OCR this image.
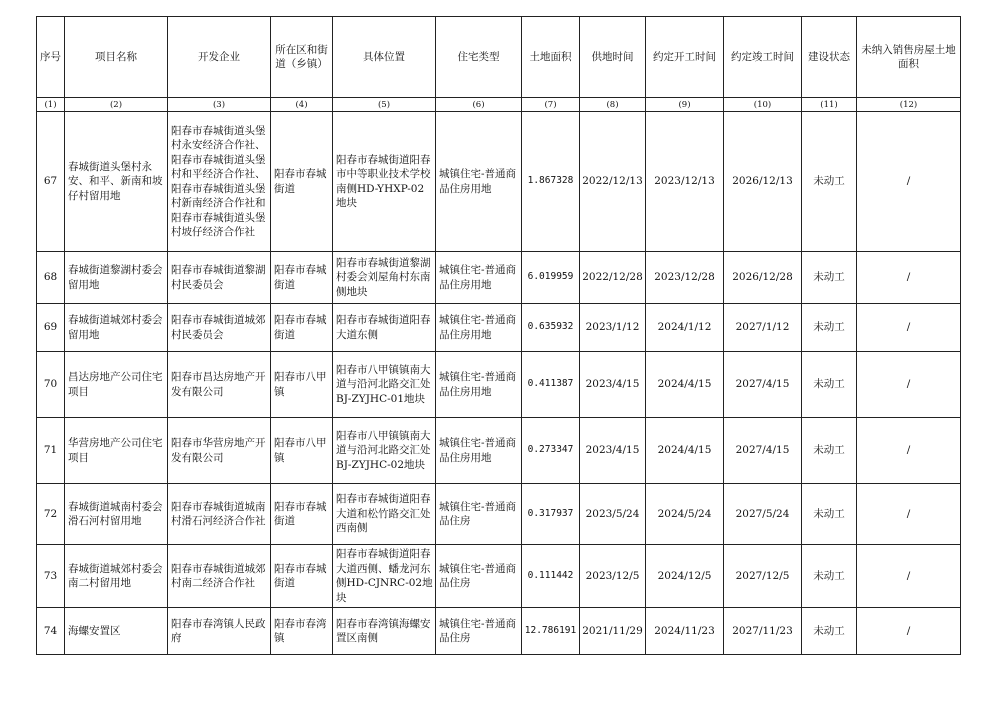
序号	项目名称	开发企业	所在区和街道（乡镇）	具体位置	住宅类型	土地面积	供地时间	约定开工时间	约定竣工时间	建设状态	未纳入销售房屋土地面积
(1)	(2)	(3)	(4)	(5)	(6)	(7)	(8)	(9)	(10)	(11)	(12)
67	春城街道头堡村永安、和平、新南和坡仔村留用地	阳春市春城街道头堡村永安经济合作社、阳春市春城街道头堡村和平经济合作社、阳春市春城街道头堡村新南经济合作社和阳春市春城街道头堡村坡仔经济合作社	阳春市春城街道	阳春市春城街道阳春市中等职业技术学校南侧HD-YHXP-02地块	城镇住宅-普通商品住房用地	1.867328	2022/12/13	2023/12/13	2026/12/13	未动工	/
68	春城街道黎湖村委会留用地	阳春市春城街道黎湖村民委员会	阳春市春城街道	阳春市春城街道黎湖村委会刘屋角村东南侧地块	城镇住宅-普通商品住房用地	6.019959	2022/12/28	2023/12/28	2026/12/28	未动工	/
69	春城街道城郊村委会留用地	阳春市春城街道城郊村民委员会	阳春市春城街道	阳春市春城街道阳春大道东侧	城镇住宅-普通商品住房用地	0.635932	2023/1/12	2024/1/12	2027/1/12	未动工	/
70	昌达房地产公司住宅项目	阳春市昌达房地产开发有限公司	阳春市八甲镇	阳春市八甲镇镇南大道与沿河北路交汇处BJ-ZYJHC-01地块	城镇住宅-普通商品住房用地	0.411387	2023/4/15	2024/4/15	2027/4/15	未动工	/
71	华营房地产公司住宅项目	阳春市华营房地产开发有限公司	阳春市八甲镇	阳春市八甲镇镇南大道与沿河北路交汇处BJ-ZYJHC-02地块	城镇住宅-普通商品住房用地	0.273347	2023/4/15	2024/4/15	2027/4/15	未动工	/
72	春城街道城南村委会滑石河村留用地	阳春市春城街道城南村滑石河经济合作社	阳春市春城街道	阳春市春城街道阳春大道和松竹路交汇处西南侧	城镇住宅-普通商品住房	0.317937	2023/5/24	2024/5/24	2027/5/24	未动工	/
73	春城街道城郊村委会南二村留用地	阳春市春城街道城郊村南二经济合作社	阳春市春城街道	阳春市春城街道阳春大道西侧、蟠龙河东侧HD-CJNRC-02地块	城镇住宅-普通商品住房	0.111442	2023/12/5	2024/12/5	2027/12/5	未动工	/
74	海螺安置区	阳春市春湾镇人民政府	阳春市春湾镇	阳春市春湾镇海螺安置区南侧	城镇住宅-普通商品住房	12.786191	2021/11/29	2024/11/23	2027/11/23	未动工	/
